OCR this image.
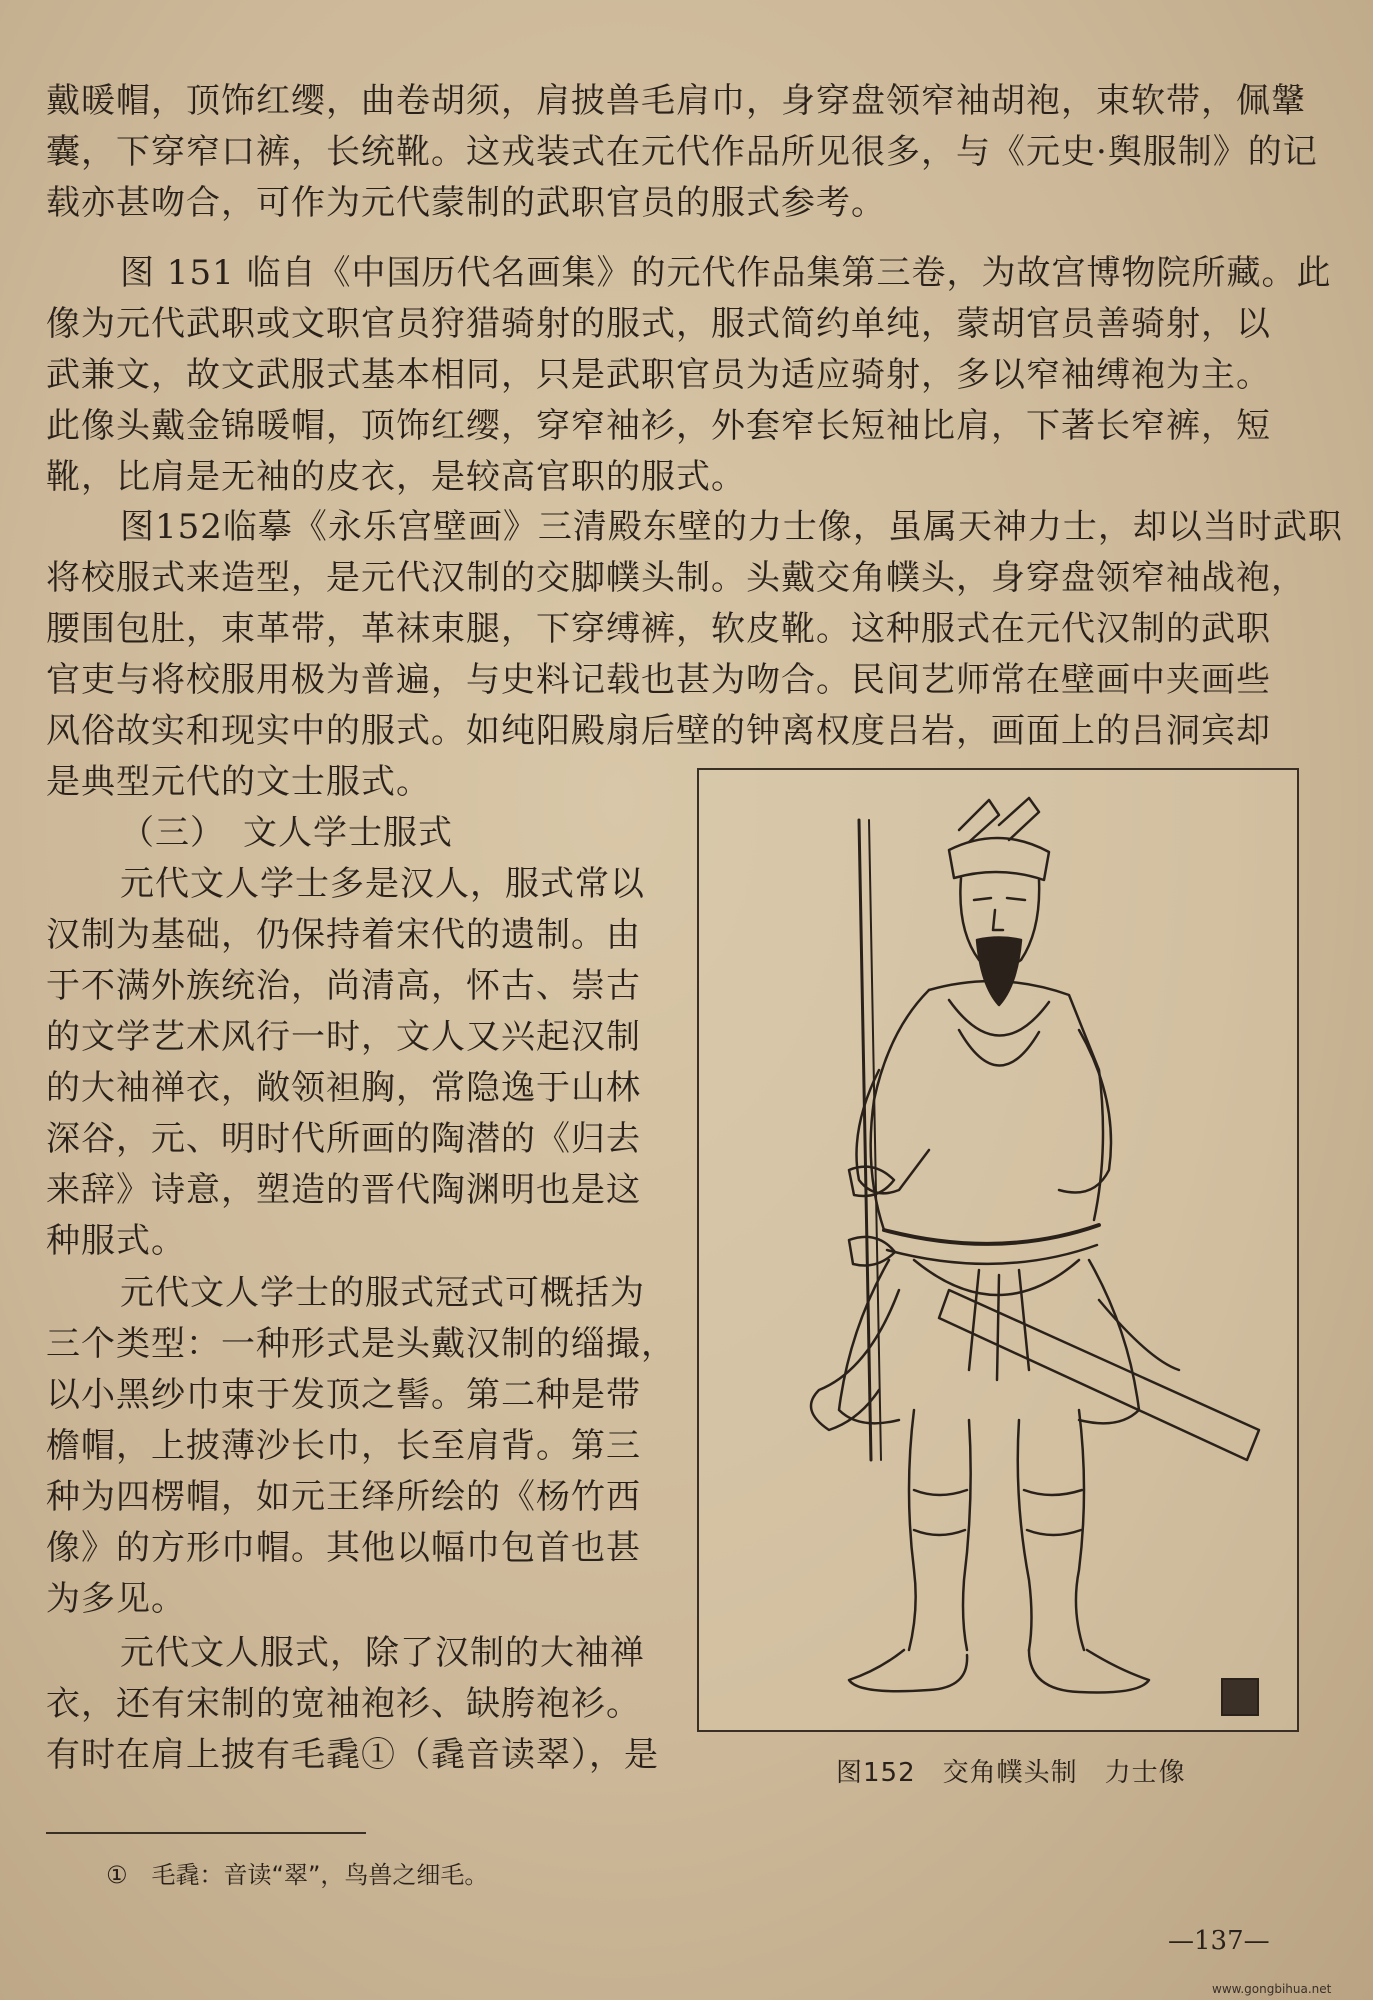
戴暖帽，顶饰红缨，曲卷胡须，肩披兽毛肩巾，身穿盘领窄袖胡袍，束软带，佩鞶
囊，下穿窄口裤，长统靴。这戎装式在元代作品所见很多，与《元史·舆服制》的记
载亦甚吻合，可作为元代蒙制的武职官员的服式参考。

图 151 临自《中国历代名画集》的元代作品集第三卷，为故宫博物院所藏。此
像为元代武职或文职官员狩猎骑射的服式，服式简约单纯，蒙胡官员善骑射，以
武兼文，故文武服式基本相同，只是武职官员为适应骑射，多以窄袖缚袍为主。
此像头戴金锦暖帽，顶饰红缨，穿窄袖衫，外套窄长短袖比肩，下著长窄裤，短
靴，比肩是无袖的皮衣，是较高官职的服式。

图152临摹《永乐宫壁画》三清殿东壁的力士像，虽属天神力士，却以当时武职
将校服式来造型，是元代汉制的交脚幞头制。头戴交角幞头，身穿盘领窄袖战袍，
腰围包肚，束革带，革袜束腿，下穿缚裤，软皮靴。这种服式在元代汉制的武职
官吏与将校服用极为普遍，与史料记载也甚为吻合。民间艺师常在壁画中夹画些
风俗故实和现实中的服式。如纯阳殿扇后壁的钟离权度吕岩，画面上的吕洞宾却

是典型元代的文士服式。

（三）　文人学士服式

元代文人学士多是汉人，服式常以
汉制为基础，仍保持着宋代的遗制。由
于不满外族统治，尚清高，怀古、崇古
的文学艺术风行一时，文人又兴起汉制
的大袖禅衣，敞领袒胸，常隐逸于山林
深谷，元、明时代所画的陶潜的《归去
来辞》诗意，塑造的晋代陶渊明也是这
种服式。

元代文人学士的服式冠式可概括为
三个类型：一种形式是头戴汉制的缁撮，
以小黑纱巾束于发顶之髻。第二种是带
檐帽，上披薄沙长巾，长至肩背。第三
种为四楞帽，如元王绎所绘的《杨竹西
像》的方形巾帽。其他以幅巾包首也甚
为多见。

元代文人服式，除了汉制的大袖禅
衣，还有宋制的宽袖袍衫、缺胯袍衫。
有时在肩上披有毛毳①（毳音读翠），是	图152　交角幞头制　力士像
①　毛毳：音读“翠”，鸟兽之细毛。
—137—
www.gongbihua.net
